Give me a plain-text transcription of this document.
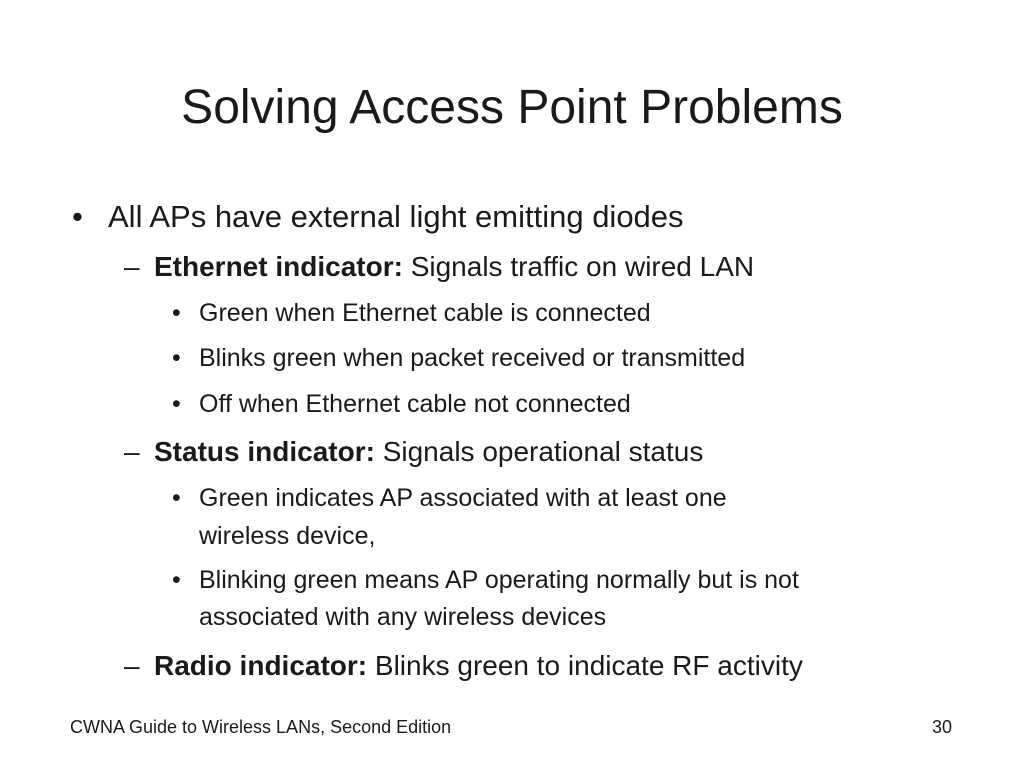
Solving Access Point Problems
• All APs have external light emitting diodes
– Ethernet indicator: Signals traffic on wired LAN
• Green when Ethernet cable is connected
• Blinks green when packet received or transmitted
• Off when Ethernet cable not connected
– Status indicator: Signals operational status
• Green indicates AP associated with at least one
wireless device,
• Blinking green means AP operating normally but is not
associated with any wireless devices
– Radio indicator: Blinks green to indicate RF activity
CWNA Guide to Wireless LANs, Second Edition	30
